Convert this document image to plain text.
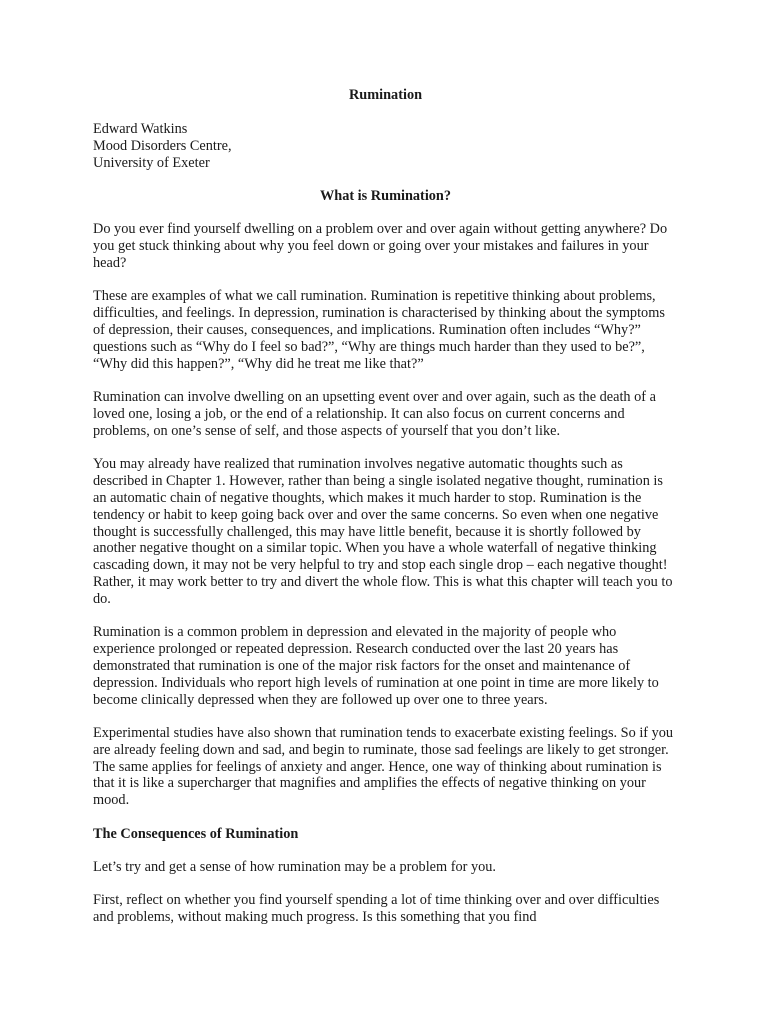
Rumination

Edward Watkins

Mood Disorders Centre,

University of Exeter

What is Rumination?

Do you ever find yourself dwelling on a problem over and over again without getting anywhere? Do you get stuck thinking about why you feel down or going over your mistakes and failures in your head?

These are examples of what we call rumination. Rumination is repetitive thinking about problems, difficulties, and feelings. In depression, rumination is characterised by thinking about the symptoms of depression, their causes, consequences, and implications. Rumination often includes “Why?” questions such as “Why do I feel so bad?”, “Why are things much harder than they used to be?”, “Why did this happen?”, “Why did he treat me like that?”

Rumination can involve dwelling on an upsetting event over and over again, such as the death of a loved one, losing a job, or the end of a relationship. It can also focus on current concerns and problems, on one’s sense of self, and those aspects of yourself that you don’t like.

You may already have realized that rumination involves negative automatic thoughts such as described in Chapter 1. However, rather than being a single isolated negative thought, rumination is an automatic chain of negative thoughts, which makes it much harder to stop. Rumination is the tendency or habit to keep going back over and over the same concerns. So even when one negative thought is successfully challenged, this may have little benefit, because it is shortly followed by another negative thought on a similar topic. When you have a whole waterfall of negative thinking cascading down, it may not be very helpful to try and stop each single drop – each negative thought! Rather, it may work better to try and divert the whole flow. This is what this chapter will teach you to do.

Rumination is a common problem in depression and elevated in the majority of people who experience prolonged or repeated depression. Research conducted over the last 20 years has demonstrated that rumination is one of the major risk factors for the onset and maintenance of depression. Individuals who report high levels of rumination at one point in time are more likely to become clinically depressed when they are followed up over one to three years.

Experimental studies have also shown that rumination tends to exacerbate existing feelings. So if you are already feeling down and sad, and begin to ruminate, those sad feelings are likely to get stronger. The same applies for feelings of anxiety and anger. Hence, one way of thinking about rumination is that it is like a supercharger that magnifies and amplifies the effects of negative thinking on your mood.

The Consequences of Rumination

Let’s try and get a sense of how rumination may be a problem for you.

First, reflect on whether you find yourself spending a lot of time thinking over and over difficulties and problems, without making much progress. Is this something that you find
